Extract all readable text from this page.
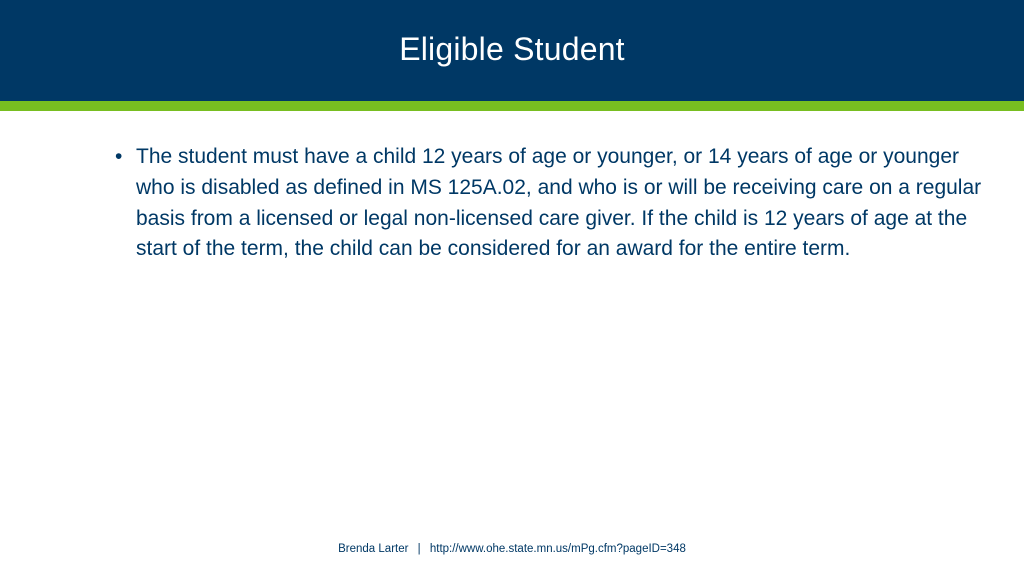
Eligible Student
• The student must have a child 12 years of age or younger, or 14 years of age or younger who is disabled as defined in MS 125A.02, and who is or will be receiving care on a regular basis from a licensed or legal non-licensed care giver. If the child is 12 years of age at the start of the term, the child can be considered for an award for the entire term.
Brenda Larter | http://www.ohe.state.mn.us/mPg.cfm?pageID=348
